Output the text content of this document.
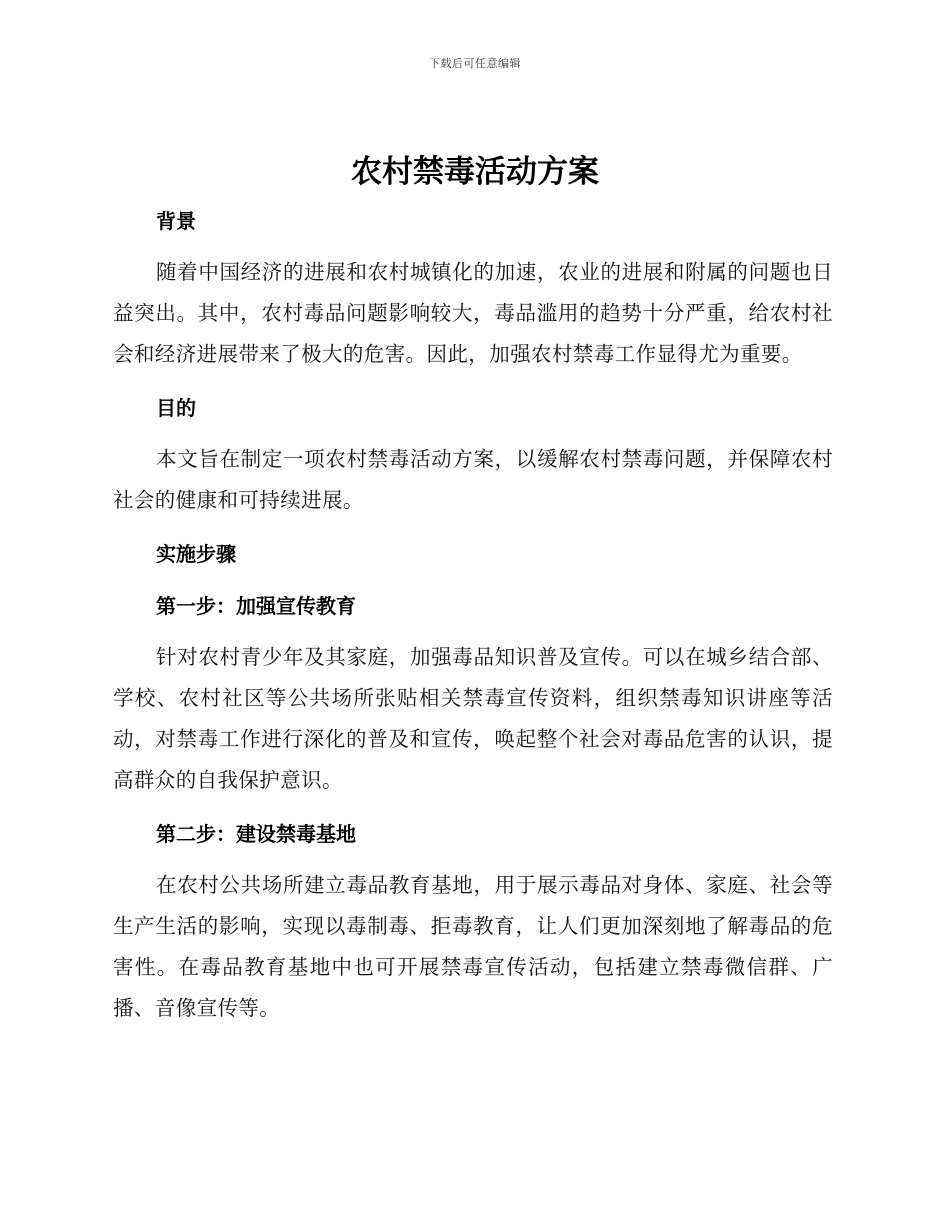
下载后可任意编辑
农村禁毒活动方案
背景

随着中国经济的进展和农村城镇化的加速，农业的进展和附属的问题也日益突出。其中，农村毒品问题影响较大，毒品滥用的趋势十分严重，给农村社会和经济进展带来了极大的危害。因此，加强农村禁毒工作显得尤为重要。

目的

本文旨在制定一项农村禁毒活动方案，以缓解农村禁毒问题，并保障农村社会的健康和可持续进展。

实施步骤
第一步：加强宣传教育

针对农村青少年及其家庭，加强毒品知识普及宣传。可以在城乡结合部、学校、农村社区等公共场所张贴相关禁毒宣传资料，组织禁毒知识讲座等活动，对禁毒工作进行深化的普及和宣传，唤起整个社会对毒品危害的认识，提高群众的自我保护意识。

第二步：建设禁毒基地

在农村公共场所建立毒品教育基地，用于展示毒品对身体、家庭、社会等生产生活的影响，实现以毒制毒、拒毒教育，让人们更加深刻地了解毒品的危害性。在毒品教育基地中也可开展禁毒宣传活动，包括建立禁毒微信群、广播、音像宣传等。
